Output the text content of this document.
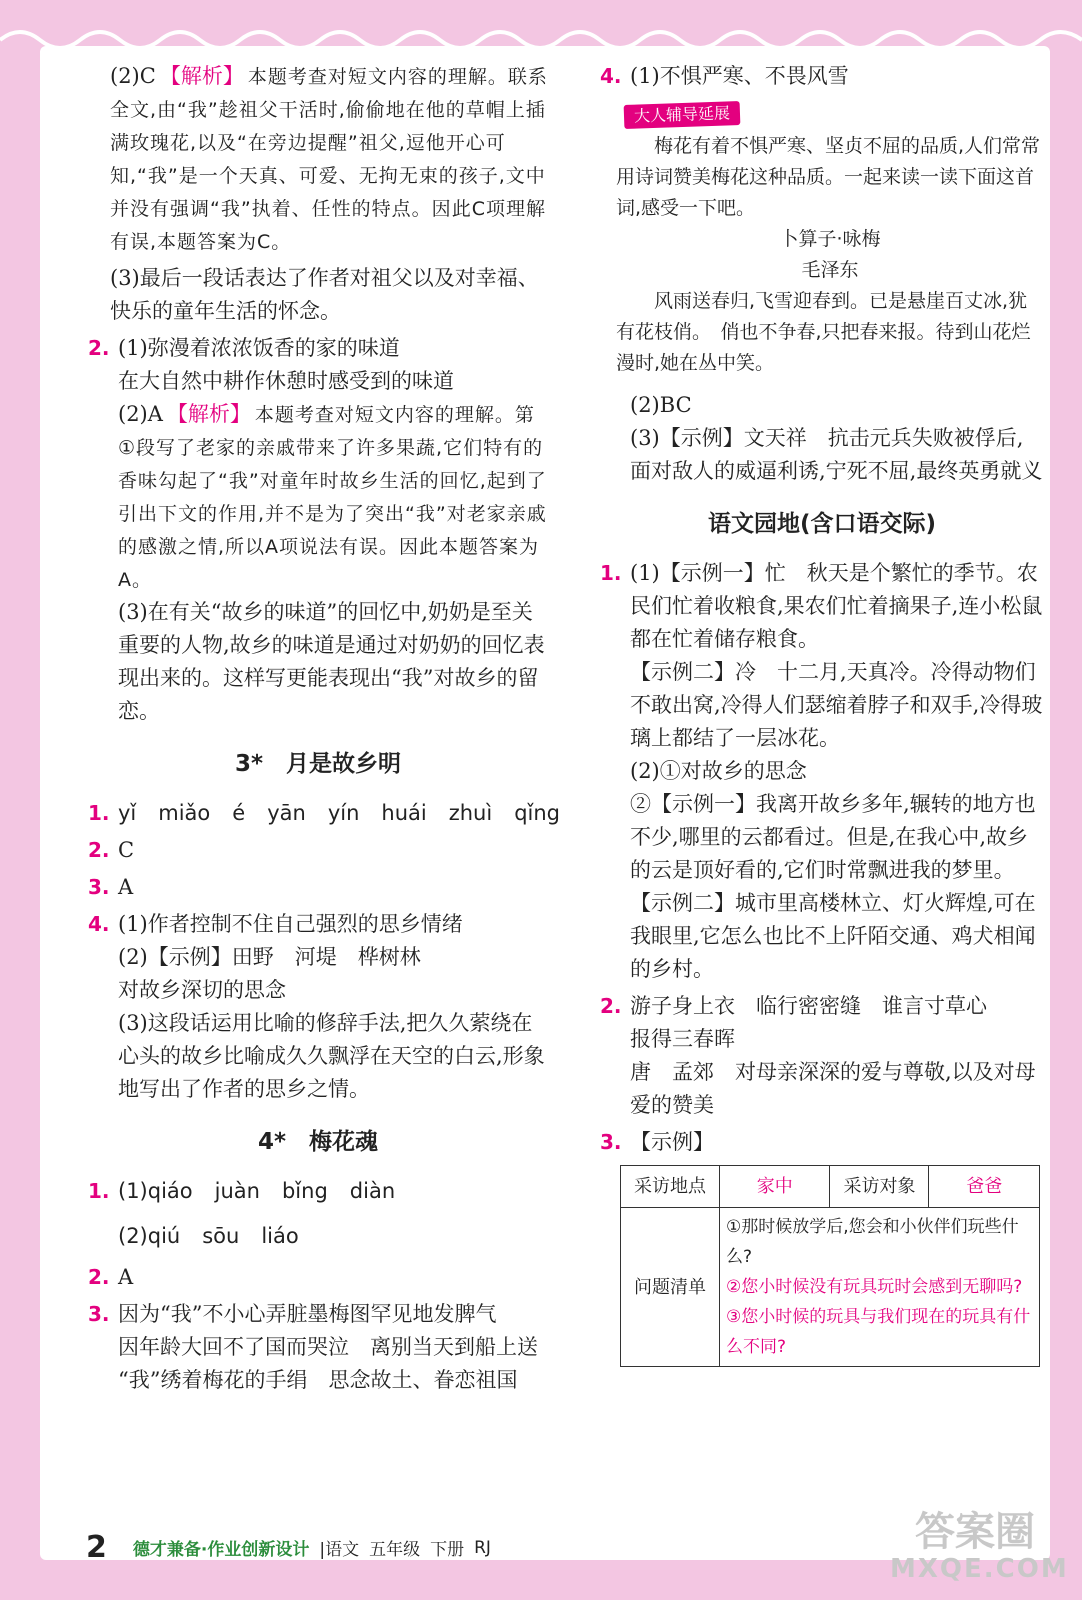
(2)C 【解析】 本题考查对短文内容的理解。联系全文,由“我”趁祖父干活时,偷偷地在他的草帽上插满玫瑰花,以及“在旁边提醒”祖父,逗他开心可知,“我”是一个天真、可爱、无拘无束的孩子,文中并没有强调“我”执着、任性的特点。因此C项理解有误,本题答案为C。
(3)最后一段话表达了作者对祖父以及对幸福、快乐的童年生活的怀念。
2. (1)弥漫着浓浓饭香的家的味道
在大自然中耕作休憩时感受到的味道
(2)A 【解析】 本题考查对短文内容的理解。第①段写了老家的亲戚带来了许多果蔬,它们特有的香味勾起了“我”对童年时故乡生活的回忆,起到了引出下文的作用,并不是为了突出“我”对老家亲戚的感激之情,所以A项说法有误。因此本题答案为A。
(3)在有关“故乡的味道”的回忆中,奶奶是至关重要的人物,故乡的味道是通过对奶奶的回忆表现出来的。这样写更能表现出“我”对故乡的留恋。
3*　月是故乡明
1. yǐ miǎo é yān yín huái zhuì qǐng
2. C
3. A
4. (1)作者控制不住自己强烈的思乡情绪
(2)【示例】田野　河堤　桦树林
对故乡深切的思念
(3)这段话运用比喻的修辞手法,把久久萦绕在心头的故乡比喻成久久飘浮在天空的白云,形象地写出了作者的思乡之情。
4*　梅花魂
1. (1)qiáo juàn bǐng diàn
(2)qiú sōu liáo
2. A
3. 因为“我”不小心弄脏墨梅图罕见地发脾气
因年龄大回不了国而哭泣　离别当天到船上送
“我”绣着梅花的手绢　思念故土、眷恋祖国
4. (1)不惧严寒、不畏风雪
大人辅导延展
梅花有着不惧严寒、坚贞不屈的品质,人们常常用诗词赞美梅花这种品质。一起来读一读下面这首词,感受一下吧。
卜算子·咏梅
毛泽东
风雨送春归,飞雪迎春到。已是悬崖百丈冰,犹有花枝俏。　俏也不争春,只把春来报。待到山花烂漫时,她在丛中笑。
(2)BC
(3)【示例】文天祥　抗击元兵失败被俘后,面对敌人的威逼利诱,宁死不屈,最终英勇就义
语文园地(含口语交际)
1. (1)【示例一】忙　秋天是个繁忙的季节。农民们忙着收粮食,果农们忙着摘果子,连小松鼠都在忙着储存粮食。
【示例二】冷　十二月,天真冷。冷得动物们不敢出窝,冷得人们瑟缩着脖子和双手,冷得玻璃上都结了一层冰花。
(2)①对故乡的思念
②【示例一】我离开故乡多年,辗转的地方也不少,哪里的云都看过。但是,在我心中,故乡的云是顶好看的,它们时常飘进我的梦里。
【示例二】城市里高楼林立、灯火辉煌,可在我眼里,它怎么也比不上阡陌交通、鸡犬相闻的乡村。
2. 游子身上衣　临行密密缝　谁言寸草心
报得三春晖
唐　孟郊　对母亲深深的爱与尊敬,以及对母爱的赞美
3. 【示例】
采访地点	家中	采访对象	爸爸
问题清单	①那时候放学后,您会和小伙伴们玩些什么?
②您小时候没有玩具玩时会感到无聊吗?
③您小时候的玩具与我们现在的玩具有什么不同?		
2 德才兼备·作业创新设计 |语文 五年级 下册 RJ	答案圈
MXQE.COM
